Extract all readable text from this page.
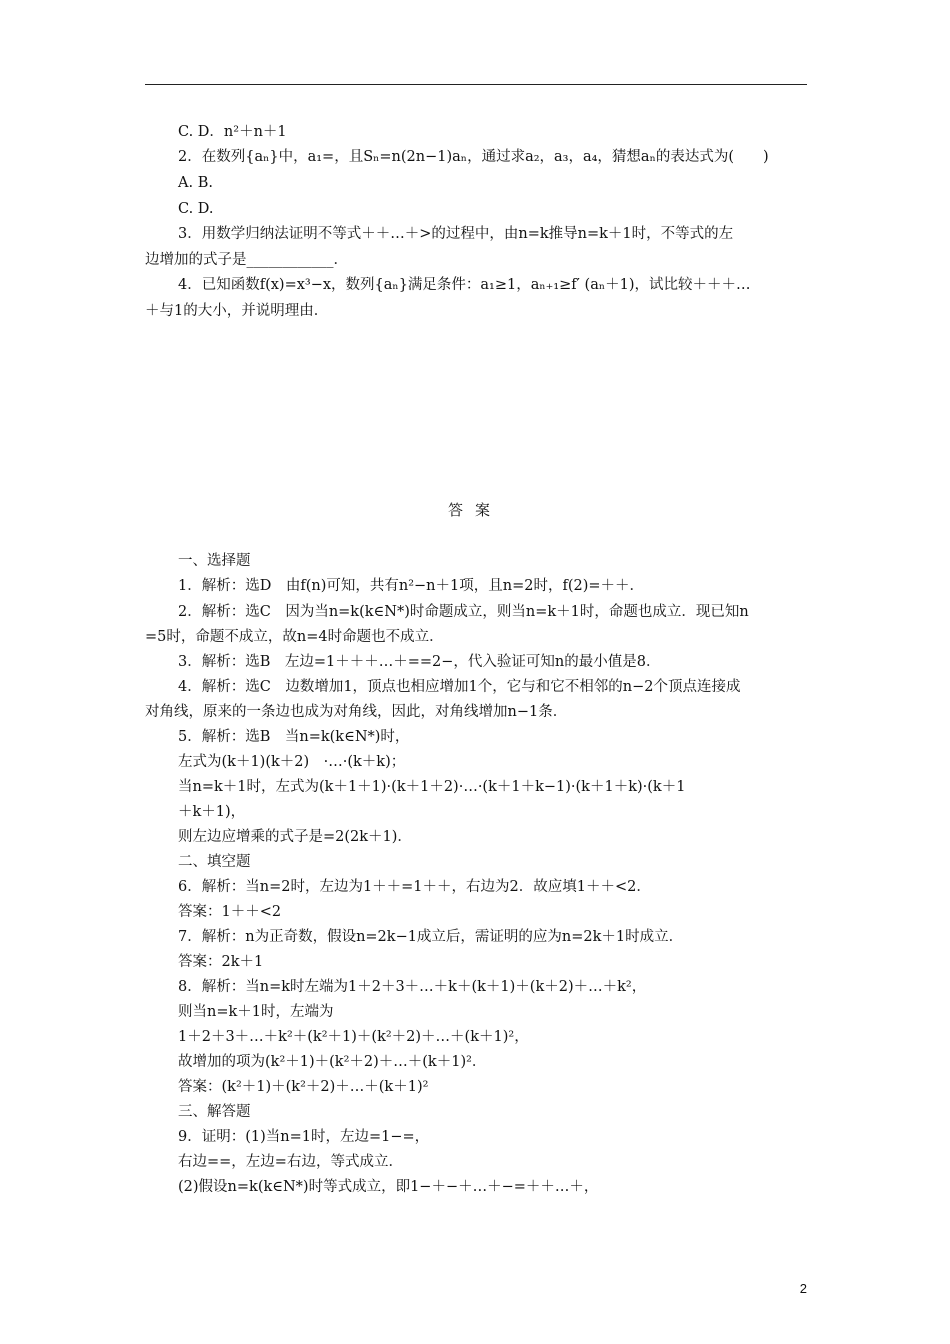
C. D．n²＋n＋1
2．在数列{aₙ}中，a₁=，且Sₙ=n(2n−1)aₙ，通过求a₂，a₃，a₄，猜想aₙ的表达式为(　　)
A. B.
C. D.
3．用数学归纳法证明不等式＋＋…＋>的过程中，由n=k推导n=k＋1时，不等式的左
边增加的式子是____________．
4．已知函数f(x)=x³−x，数列{aₙ}满足条件：a₁≥1，aₙ₊₁≥f′ (aₙ＋1)，试比较＋＋＋…
＋与1的大小，并说明理由．
答案
一、选择题
1．解析：选D　由f(n)可知，共有n²−n＋1项，且n=2时，f(2)=＋＋．
2．解析：选C　因为当n=k(k∈N*)时命题成立，则当n=k＋1时，命题也成立．现已知n
=5时，命题不成立，故n=4时命题也不成立．
3．解析：选B　左边=1＋＋＋…＋==2−，代入验证可知n的最小值是8．
4．解析：选C　边数增加1，顶点也相应增加1个，它与和它不相邻的n−2个顶点连接成
对角线，原来的一条边也成为对角线，因此，对角线增加n−1条．
5．解析：选B　当n=k(k∈N*)时，
左式为(k＋1)(k＋2)　·…·(k＋k)；
当n=k＋1时，左式为(k＋1＋1)·(k＋1＋2)·…·(k＋1＋k−1)·(k＋1＋k)·(k＋1
＋k＋1)，
则左边应增乘的式子是=2(2k＋1)．
二、填空题
6．解析：当n=2时，左边为1＋＋=1＋＋，右边为2．故应填1＋＋<2．
答案：1＋＋<2
7．解析：n为正奇数，假设n=2k−1成立后，需证明的应为n=2k＋1时成立．
答案：2k＋1
8．解析：当n=k时左端为1＋2＋3＋…＋k＋(k＋1)＋(k＋2)＋…＋k²，
则当n=k＋1时，左端为
1＋2＋3＋…＋k²＋(k²＋1)＋(k²＋2)＋…＋(k＋1)²，
故增加的项为(k²＋1)＋(k²＋2)＋…＋(k＋1)²．
答案：(k²＋1)＋(k²＋2)＋…＋(k＋1)²
三、解答题
9．证明：(1)当n=1时，左边=1−=，
右边==，左边=右边，等式成立．
(2)假设n=k(k∈N*)时等式成立，即1−＋−＋…＋−=＋＋…＋，
2
